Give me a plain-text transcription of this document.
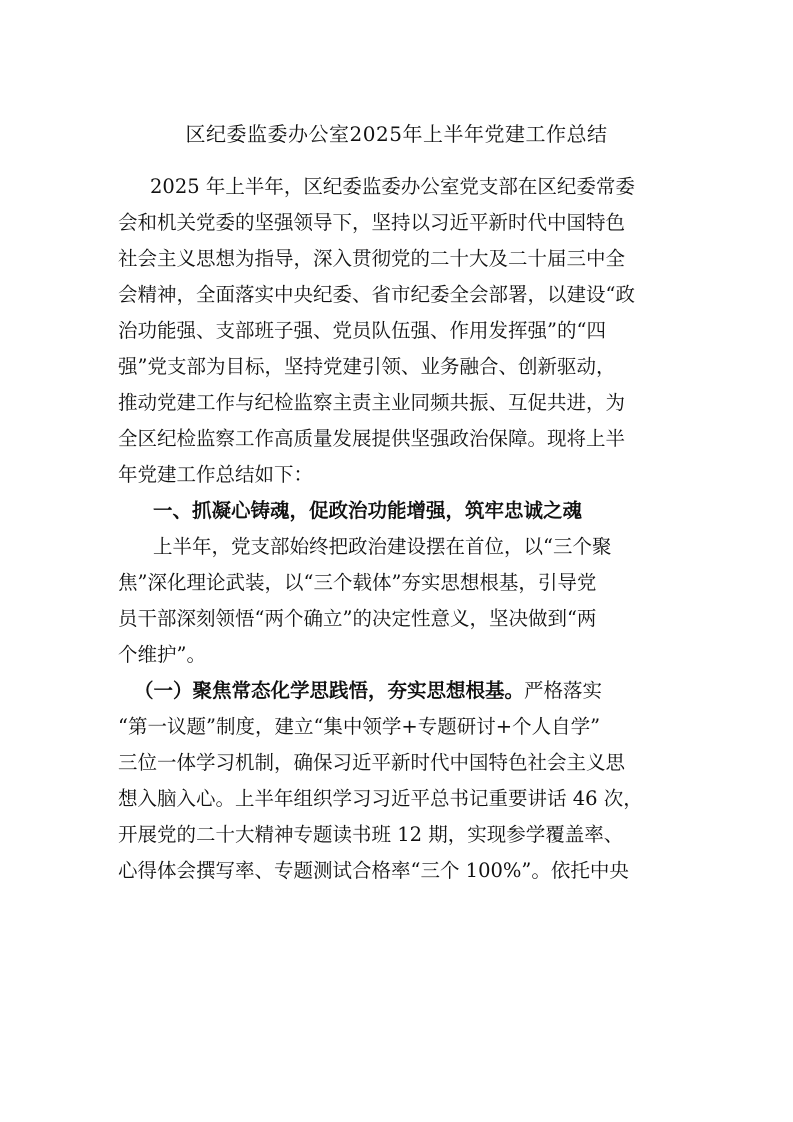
区纪委监委办公室2025年上半年党建工作总结
2025 年上半年，区纪委监委办公室党支部在区纪委常委
会和机关党委的坚强领导下，坚持以习近平新时代中国特色
社会主义思想为指导，深入贯彻党的二十大及二十届三中全
会精神，全面落实中央纪委、省市纪委全会部署，以建设“政
治功能强、支部班子强、党员队伍强、作用发挥强”的“四
强”党支部为目标，坚持党建引领、业务融合、创新驱动，
推动党建工作与纪检监察主责主业同频共振、互促共进，为
全区纪检监察工作高质量发展提供坚强政治保障。现将上半
年党建工作总结如下：
一、抓凝心铸魂，促政治功能增强，筑牢忠诚之魂
上半年，党支部始终把政治建设摆在首位，以“三个聚
焦”深化理论武装，以“三个载体”夯实思想根基，引导党
员干部深刻领悟“两个确立”的决定性意义，坚决做到“两
个维护”。
（一）聚焦常态化学思践悟，夯实思想根基。严格落实
“第一议题”制度，建立“集中领学+专题研讨+个人自学”
三位一体学习机制，确保习近平新时代中国特色社会主义思
想入脑入心。上半年组织学习习近平总书记重要讲话 46 次，
开展党的二十大精神专题读书班 12 期，实现参学覆盖率、
心得体会撰写率、专题测试合格率“三个 100%”。依托中央
